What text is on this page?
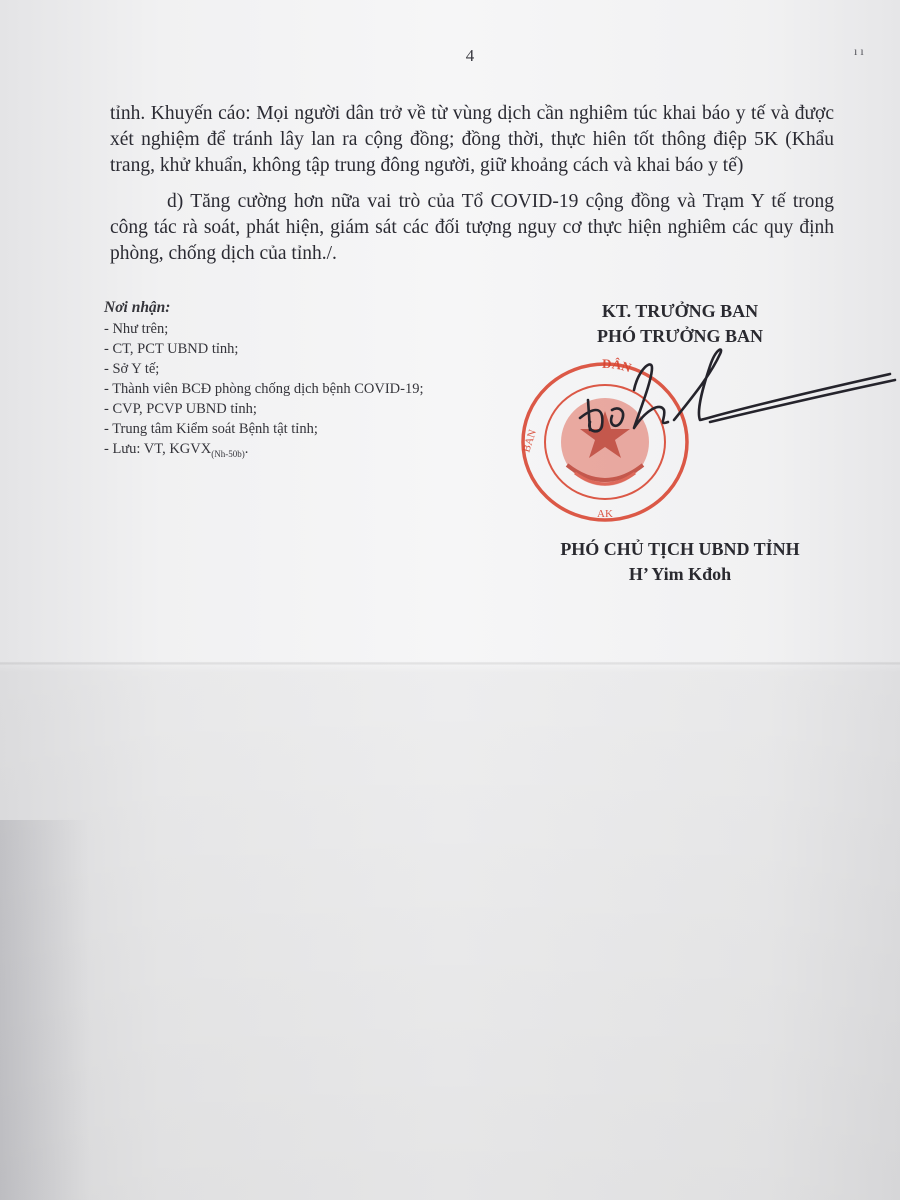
4	ı ı

tỉnh. Khuyến cáo: Mọi người dân trở về từ vùng dịch cần nghiêm túc khai báo y tế và được xét nghiệm để tránh lây lan ra cộng đồng; đồng thời, thực hiên tốt thông điệp 5K (Khẩu trang, khử khuẩn, không tập trung đông người, giữ khoảng cách và khai báo y tế)

d) Tăng cường hơn nữa vai trò của Tổ COVID-19 cộng đồng và Trạm Y tế trong công tác rà soát, phát hiện, giám sát các đối tượng nguy cơ thực hiện nghiêm các quy định phòng, chống dịch của tỉnh./.

Nơi nhận:
- Như trên;
- CT, PCT UBND tỉnh;
- Sở Y tế;
- Thành viên BCĐ phòng chống dịch bệnh COVID-19;
- CVP, PCVP UBND tỉnh;
- Trung tâm Kiểm soát Bệnh tật tỉnh;
- Lưu: VT, $KGVX_{(Nh-50b)}$.
KT. TRƯỞNG BAN
PHÓ TRƯỞNG BAN
DÂN
BAN
AK
PHÓ CHỦ TỊCH UBND TỈNH
H’ Yim Kđoh
